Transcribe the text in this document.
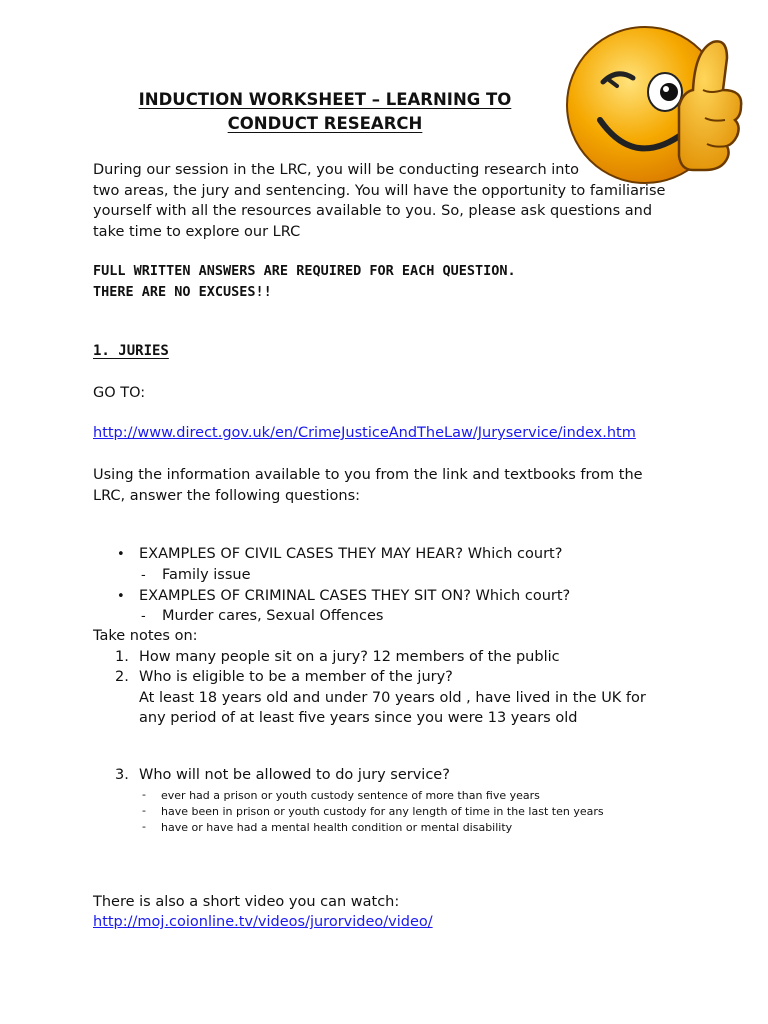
INDUCTION WORKSHEET – LEARNING TO
CONDUCT RESEARCH
During our session in the LRC, you will be conducting research into
two areas, the jury and sentencing. You will have the opportunity to familiarise
yourself with all the resources available to you. So, please ask questions and
take time to explore our LRC
FULL WRITTEN ANSWERS ARE REQUIRED FOR EACH QUESTION.
THERE ARE NO EXCUSES!!
1. JURIES
GO TO:
http://www.direct.gov.uk/en/CrimeJusticeAndTheLaw/Juryservice/index.htm
Using the information available to you from the link and textbooks from the
LRC, answer the following questions:
• EXAMPLES OF CIVIL CASES THEY MAY HEAR? Which court?
- Family issue
• EXAMPLES OF CRIMINAL CASES THEY SIT ON? Which court?
- Murder cares, Sexual Offences
Take notes on:
1. How many people sit on a jury? 12 members of the public
2. Who is eligible to be a member of the jury?
At least 18 years old and under 70 years old , have lived in the UK for
any period of at least five years since you were 13 years old
3. Who will not be allowed to do jury service?
- ever had a prison or youth custody sentence of more than five years
- have been in prison or youth custody for any length of time in the last ten years
- have or have had a mental health condition or mental disability
There is also a short video you can watch:
http://moj.coionline.tv/videos/jurorvideo/video/
